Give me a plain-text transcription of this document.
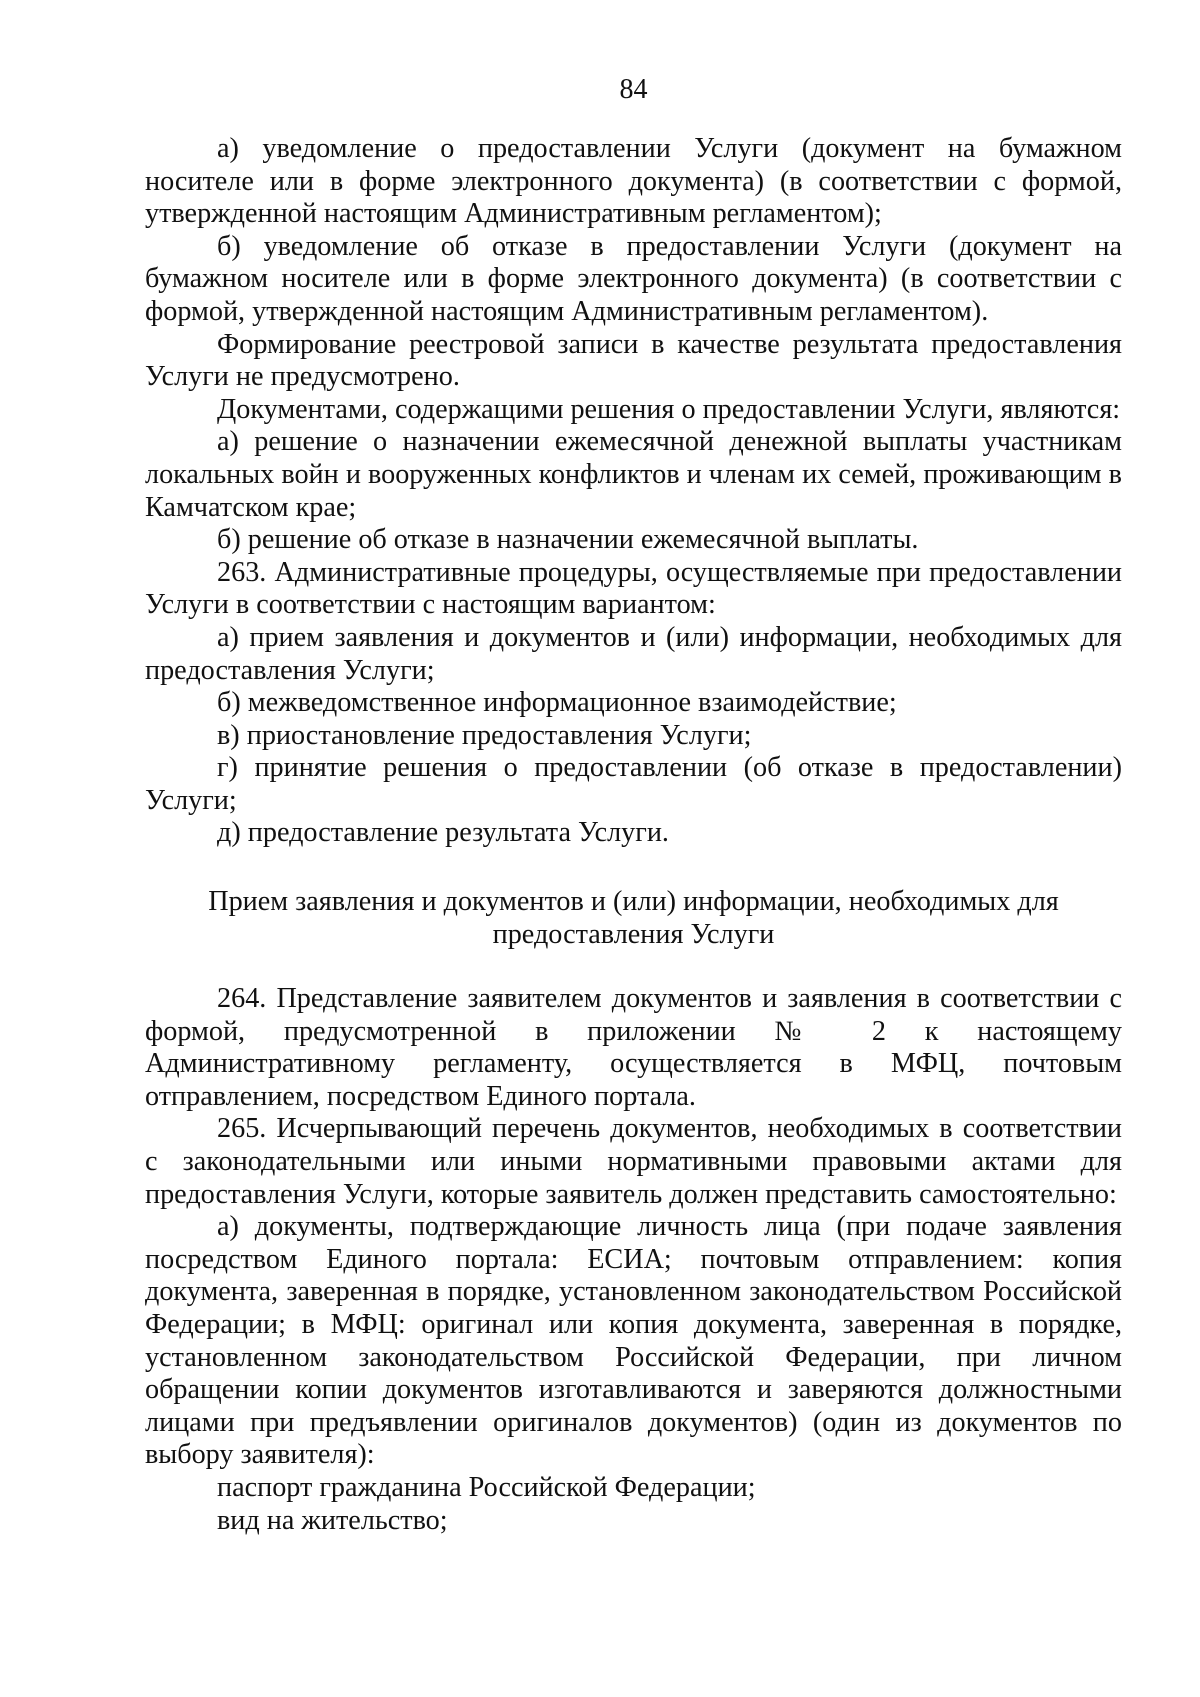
84

а) уведомление о предоставлении Услуги (документ на бумажном носителе или в форме электронного документа) (в соответствии с формой, утвержденной настоящим Административным регламентом);

б) уведомление об отказе в предоставлении Услуги (документ на бумажном носителе или в форме электронного документа) (в соответствии с формой, утвержденной настоящим Административным регламентом).

Формирование реестровой записи в качестве результата предоставления Услуги не предусмотрено.

Документами, содержащими решения о предоставлении Услуги, являются:

а) решение о назначении ежемесячной денежной выплаты участникам локальных войн и вооруженных конфликтов и членам их семей, проживающим в Камчатском крае;

б) решение об отказе в назначении ежемесячной выплаты.

263. Административные процедуры, осуществляемые при предоставлении Услуги в соответствии с настоящим вариантом:

а) прием заявления и документов и (или) информации, необходимых для предоставления Услуги;

б) межведомственное информационное взаимодействие;

в) приостановление предоставления Услуги;

г) принятие решения о предоставлении (об отказе в предоставлении) Услуги;

д) предоставление результата Услуги.

Прием заявления и документов и (или) информации, необходимых для
предоставления Услуги

264. Представление заявителем документов и заявления в соответствии с формой, предусмотренной в приложении № 2 к настоящему Административному регламенту, осуществляется в МФЦ, почтовым отправлением, посредством Единого портала.

265. Исчерпывающий перечень документов, необходимых в соответствии с законодательными или иными нормативными правовыми актами для предоставления Услуги, которые заявитель должен представить самостоятельно:

а) документы, подтверждающие личность лица (при подаче заявления посредством Единого портала: ЕСИА; почтовым отправлением: копия документа, заверенная в порядке, установленном законодательством Российской Федерации; в МФЦ: оригинал или копия документа, заверенная в порядке, установленном законодательством Российской Федерации, при личном обращении копии документов изготавливаются и заверяются должностными лицами при предъявлении оригиналов документов) (один из документов по выбору заявителя):

паспорт гражданина Российской Федерации;

вид на жительство;
